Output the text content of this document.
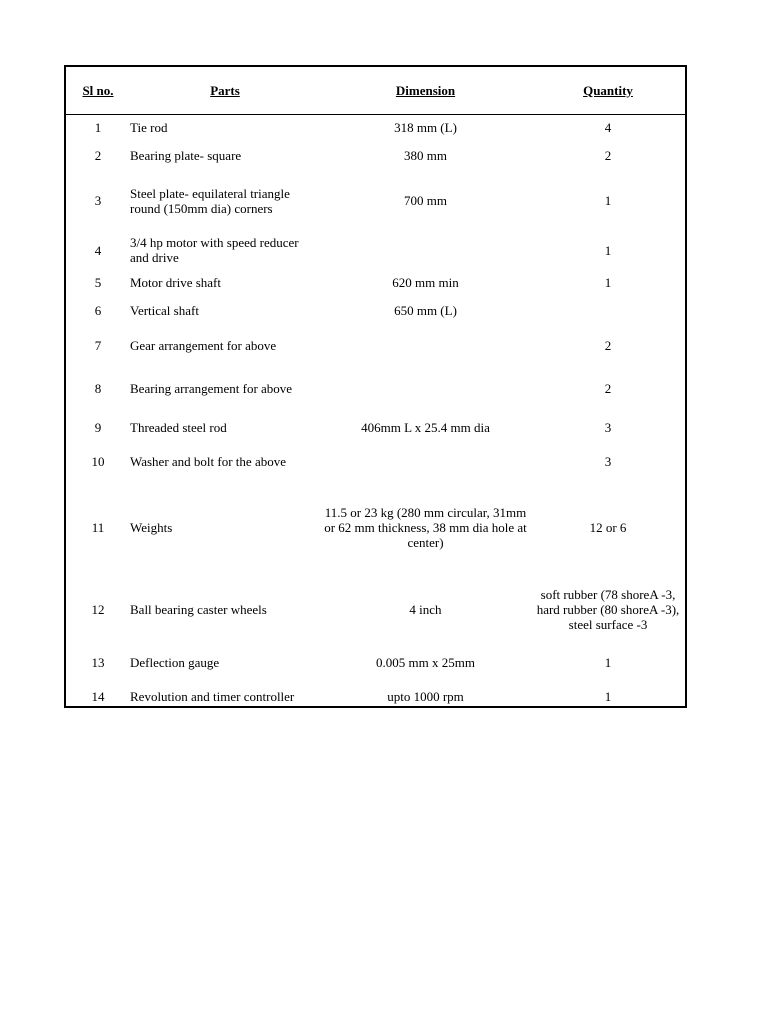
Sl no.	Parts	Dimension	Quantity
1	Tie rod	318 mm (L)	4
2	Bearing plate- square	380 mm	2
3	Steel plate- equilateral triangle round (150mm dia) corners	700 mm	1
4	3/4 hp motor with speed reducer and drive		1
5	Motor drive shaft	620 mm min	1
6	Vertical shaft	650 mm (L)	
7	Gear arrangement for above		2
8	Bearing arrangement for above		2
9	Threaded steel rod	406mm L x 25.4 mm dia	3
10	Washer and bolt for the above		3
11	Weights	11.5 or 23 kg (280 mm circular, 31mm or 62 mm thickness, 38 mm dia hole at center)	12 or 6
12	Ball bearing caster wheels	4 inch	soft rubber (78 shoreA -3, hard rubber (80 shoreA -3), steel surface -3
13	Deflection gauge	0.005 mm x 25mm	1
14	Revolution and timer controller	upto 1000 rpm	1
